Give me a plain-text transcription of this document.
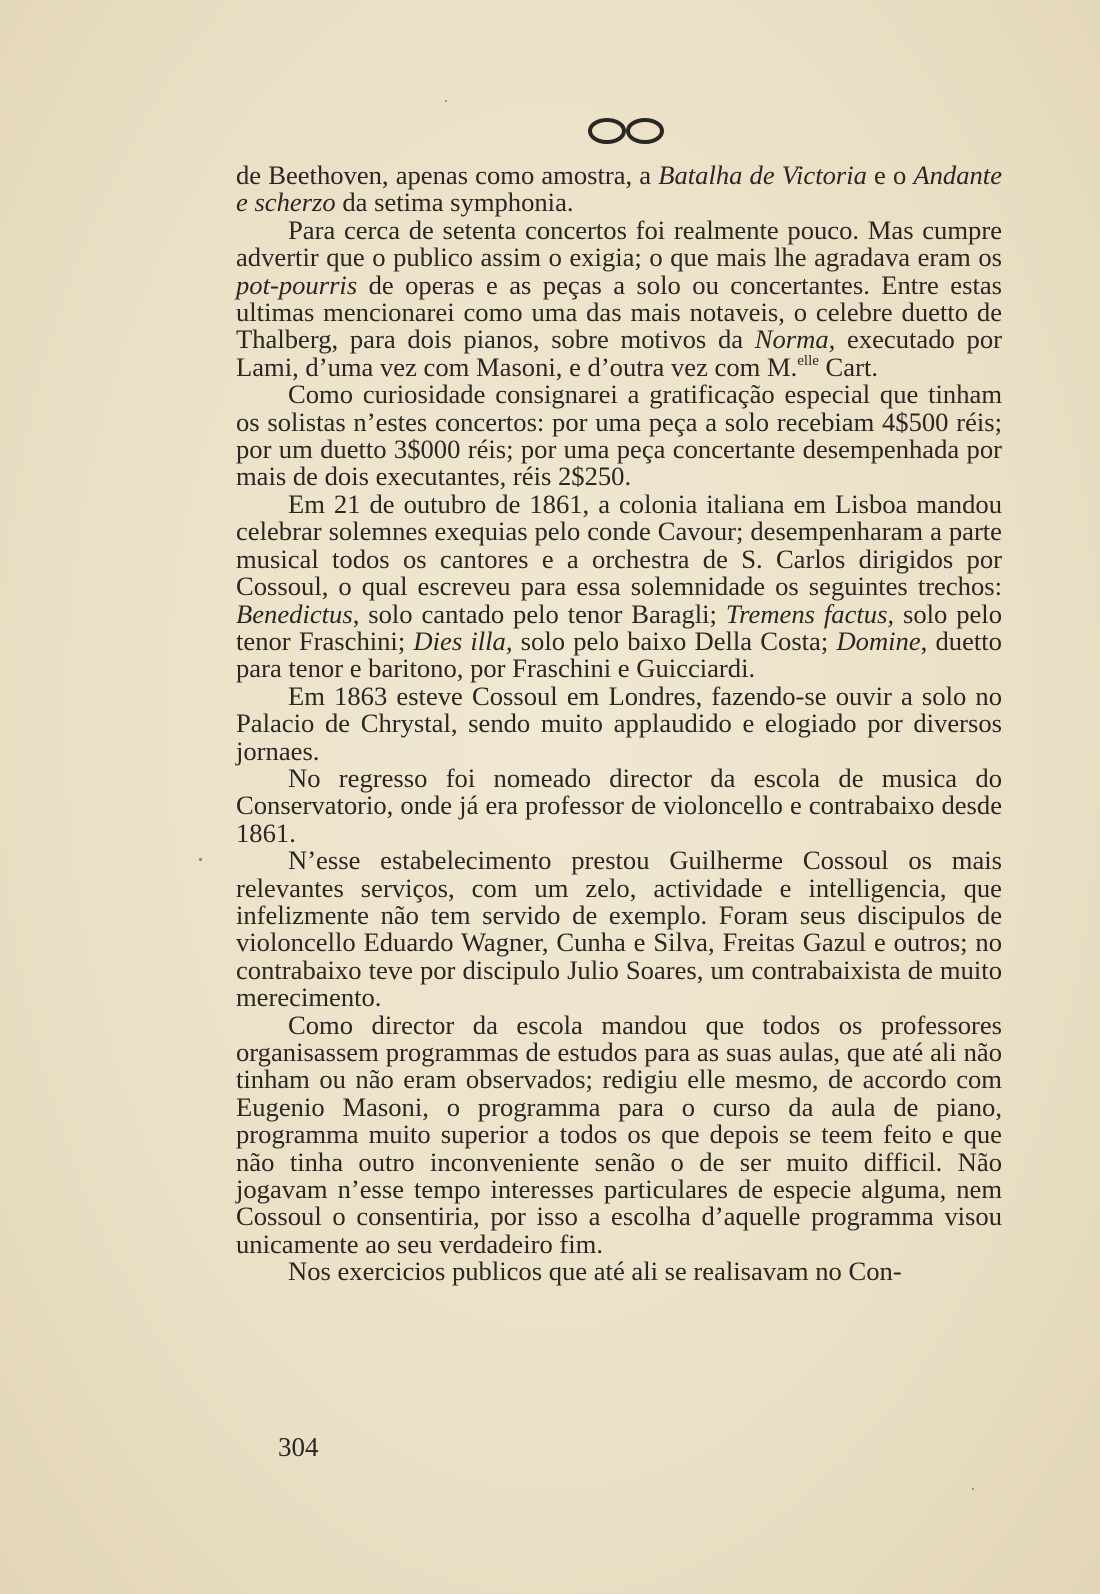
de Beethoven, apenas como amostra, a Batalha de Victoria e o Andante e scherzo da setima symphonia.

Para cerca de setenta concertos foi realmente pouco. Mas cumpre advertir que o publico assim o exigia; o que mais lhe agradava eram os pot-pourris de operas e as peças a solo ou concertantes. Entre estas ultimas mencionarei como uma das mais notaveis, o celebre duetto de Thalberg, para dois pianos, sobre motivos da Norma, executado por Lami, d’uma vez com Masoni, e d’outra vez com M.$^{elle}$ Cart.

Como curiosidade consignarei a gratificação especial que tinham os solistas n’estes concertos: por uma peça a solo recebiam 4$500 réis; por um duetto 3$000 réis; por uma peça concertante desempenhada por mais de dois executantes, réis 2$250.

Em 21 de outubro de 1861, a colonia italiana em Lisboa mandou celebrar solemnes exequias pelo conde Cavour; desempenharam a parte musical todos os cantores e a orchestra de S. Carlos dirigidos por Cossoul, o qual escreveu para essa solemnidade os seguintes trechos: Benedictus, solo cantado pelo tenor Baragli; Tremens factus, solo pelo tenor Fraschini; Dies illa, solo pelo baixo Della Costa; Domine, duetto para tenor e baritono, por Fraschini e Guicciardi.

Em 1863 esteve Cossoul em Londres, fazendo-se ouvir a solo no Palacio de Chrystal, sendo muito applaudido e elogiado por diversos jornaes.

No regresso foi nomeado director da escola de musica do Conservatorio, onde já era professor de violoncello e contrabaixo desde 1861.

N’esse estabelecimento prestou Guilherme Cossoul os mais relevantes serviços, com um zelo, actividade e intelligencia, que infelizmente não tem servido de exemplo. Foram seus discipulos de violoncello Eduardo Wagner, Cunha e Silva, Freitas Gazul e outros; no contrabaixo teve por discipulo Julio Soares, um contrabaixista de muito merecimento.

Como director da escola mandou que todos os professores organisassem programmas de estudos para as suas aulas, que até ali não tinham ou não eram observados; redigiu elle mesmo, de accordo com Eugenio Masoni, o programma para o curso da aula de piano, programma muito superior a todos os que depois se teem feito e que não tinha outro inconveniente senão o de ser muito difficil. Não jogavam n’esse tempo interesses particulares de especie alguma, nem Cossoul o consentiria, por isso a escolha d’aquelle programma visou unicamente ao seu verdadeiro fim.

Nos exercicios publicos que até ali se realisavam no Con-

304
